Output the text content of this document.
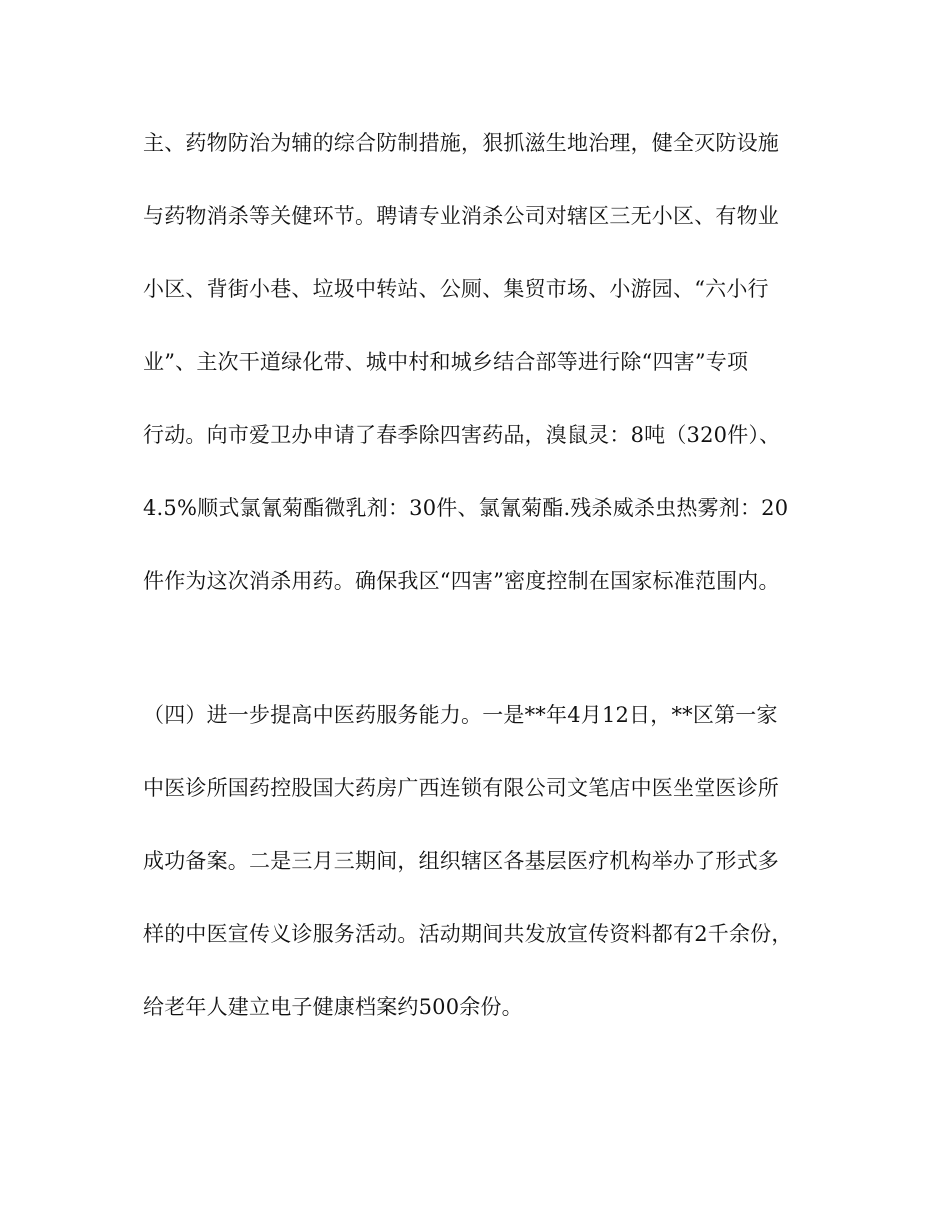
主、药物防治为辅的综合防制措施，狠抓滋生地治理，健全灭防设施
与药物消杀等关健环节。聘请专业消杀公司对辖区三无小区、有物业
小区、背街小巷、垃圾中转站、公厕、集贸市场、小游园、“六小行
业”、主次干道绿化带、城中村和城乡结合部等进行除“四害”专项
行动。向市爱卫办申请了春季除四害药品，溴鼠灵：8吨（320件）、
4.5%顺式氯氰菊酯微乳剂：30件、氯氰菊酯.残杀威杀虫热雾剂：20
件作为这次消杀用药。确保我区“四害”密度控制在国家标准范围内。
（四）进一步提高中医药服务能力。一是**年4月12日，**区第一家
中医诊所国药控股国大药房广西连锁有限公司文笔店中医坐堂医诊所
成功备案。二是三月三期间，组织辖区各基层医疗机构举办了形式多
样的中医宣传义诊服务活动。活动期间共发放宣传资料都有2千余份，
给老年人建立电子健康档案约500余份。
